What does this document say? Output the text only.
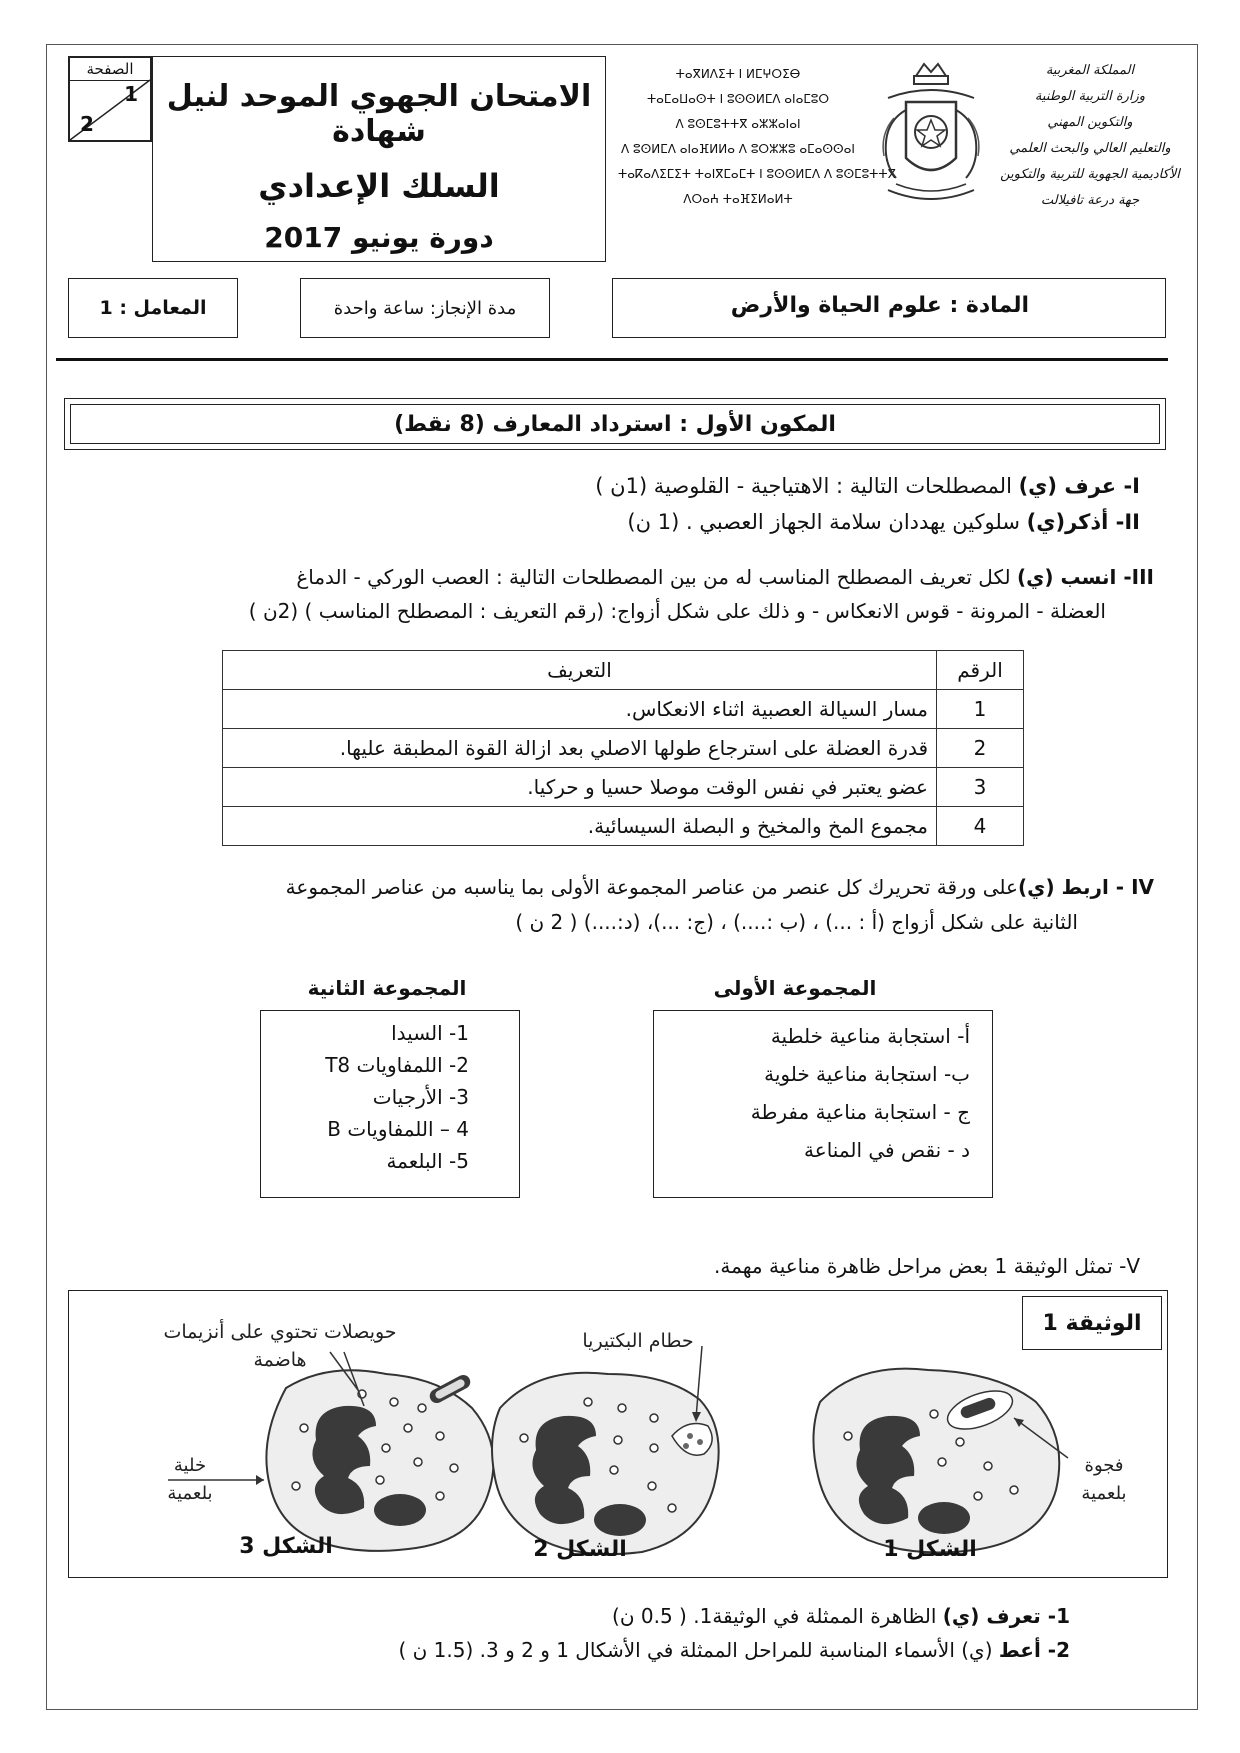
الصفحة
1
2
الامتحان الجهوي الموحد لنيل شهادة
السلك الإعدادي
دورة يونيو 2017
ⵜⴰⴳⵍⴷⵉⵜ ⵏ ⵍⵎⵖⵔⵉⴱ
ⵜⴰⵎⴰⵡⴰⵙⵜ ⵏ ⵓⵙⵙⵍⵎⴷ ⴰⵏⴰⵎⵓⵔ
ⴷ ⵓⵙⵎⵓⵜⵜⴳ ⴰⵣⵣⴰⵏⴰⵏ
ⴷ ⵓⵙⵍⵎⴷ ⴰⵏⴰⴼⵍⵍⴰ ⴷ ⵓⵔⵣⵣⵓ ⴰⵎⴰⵙⵙⴰⵏ
ⵜⴰⴽⴰⴷⵉⵎⵉⵜ ⵜⴰⵏⴳⵎⴰⵎⵜ ⵏ ⵓⵙⵙⵍⵎⴷ ⴷ ⵓⵙⵎⵓⵜⵜⴳ
ⴷⵔⴰⵄ ⵜⴰⴼⵉⵍⴰⵍⵜ
المملكة المغربية
وزارة التربية الوطنية
والتكوين المهني
والتعليم العالي والبحث العلمي
الأكاديمية الجهوية للتربية والتكوين
جهة درعة تافيلالت
المعامل : 1	مدة الإنجاز: ساعة واحدة	المادة : علوم الحياة والأرض
المكون الأول : استرداد المعارف (8 نقط)
I- عرف (ي) المصطلحات التالية : الاهتياجية - القلوصية (1ن )
II- أذكر(ي) سلوكين يهددان سلامة الجهاز العصبي . (1 ن)
III- انسب (ي) لكل تعريف المصطلح المناسب له من بين المصطلحات التالية : العصب الوركي - الدماغ
العضلة - المرونة - قوس الانعكاس - و ذلك على شكل أزواج: (رقم التعريف : المصطلح المناسب ) (2ن )
الرقم	التعريف
1	مسار السيالة العصبية اثناء الانعكاس.
2	قدرة العضلة على استرجاع طولها الاصلي بعد ازالة القوة المطبقة عليها.
3	عضو يعتبر في نفس الوقت موصلا حسيا و حركيا.
4	مجموع المخ والمخيخ و البصلة السيسائية.
IV - اربط (ي)على ورقة تحريرك كل عنصر من عناصر المجموعة الأولى بما يناسبه من عناصر المجموعة
الثانية على شكل أزواج (أ : ...) ، (ب :....) ، (ج: ...)، (د:....) ( 2 ن )
المجموعة الأولى
المجموعة الثانية
أ- استجابة مناعية خلطية
ب- استجابة مناعية خلوية
ج - استجابة مناعية مفرطة
د - نقص في المناعة
1- السيدا
2- اللمفاويات T8
3- الأرجيات
4 – اللمفاويات B
5- البلعمة
V- تمثل الوثيقة 1 بعض مراحل ظاهرة مناعية مهمة.
الوثيقة 1
حويصلات تحتوي على أنزيمات هاضمة
حطام البكتيريا
خلية بلعمية
فجوة بلعمية
الشكل 3	الشكل 2	الشكل 1
1- تعرف (ي) الظاهرة الممثلة في الوثيقة1. ( 0.5 ن)
2- أعط (ي) الأسماء المناسبة للمراحل الممثلة في الأشكال 1 و 2 و 3. (1.5 ن )
